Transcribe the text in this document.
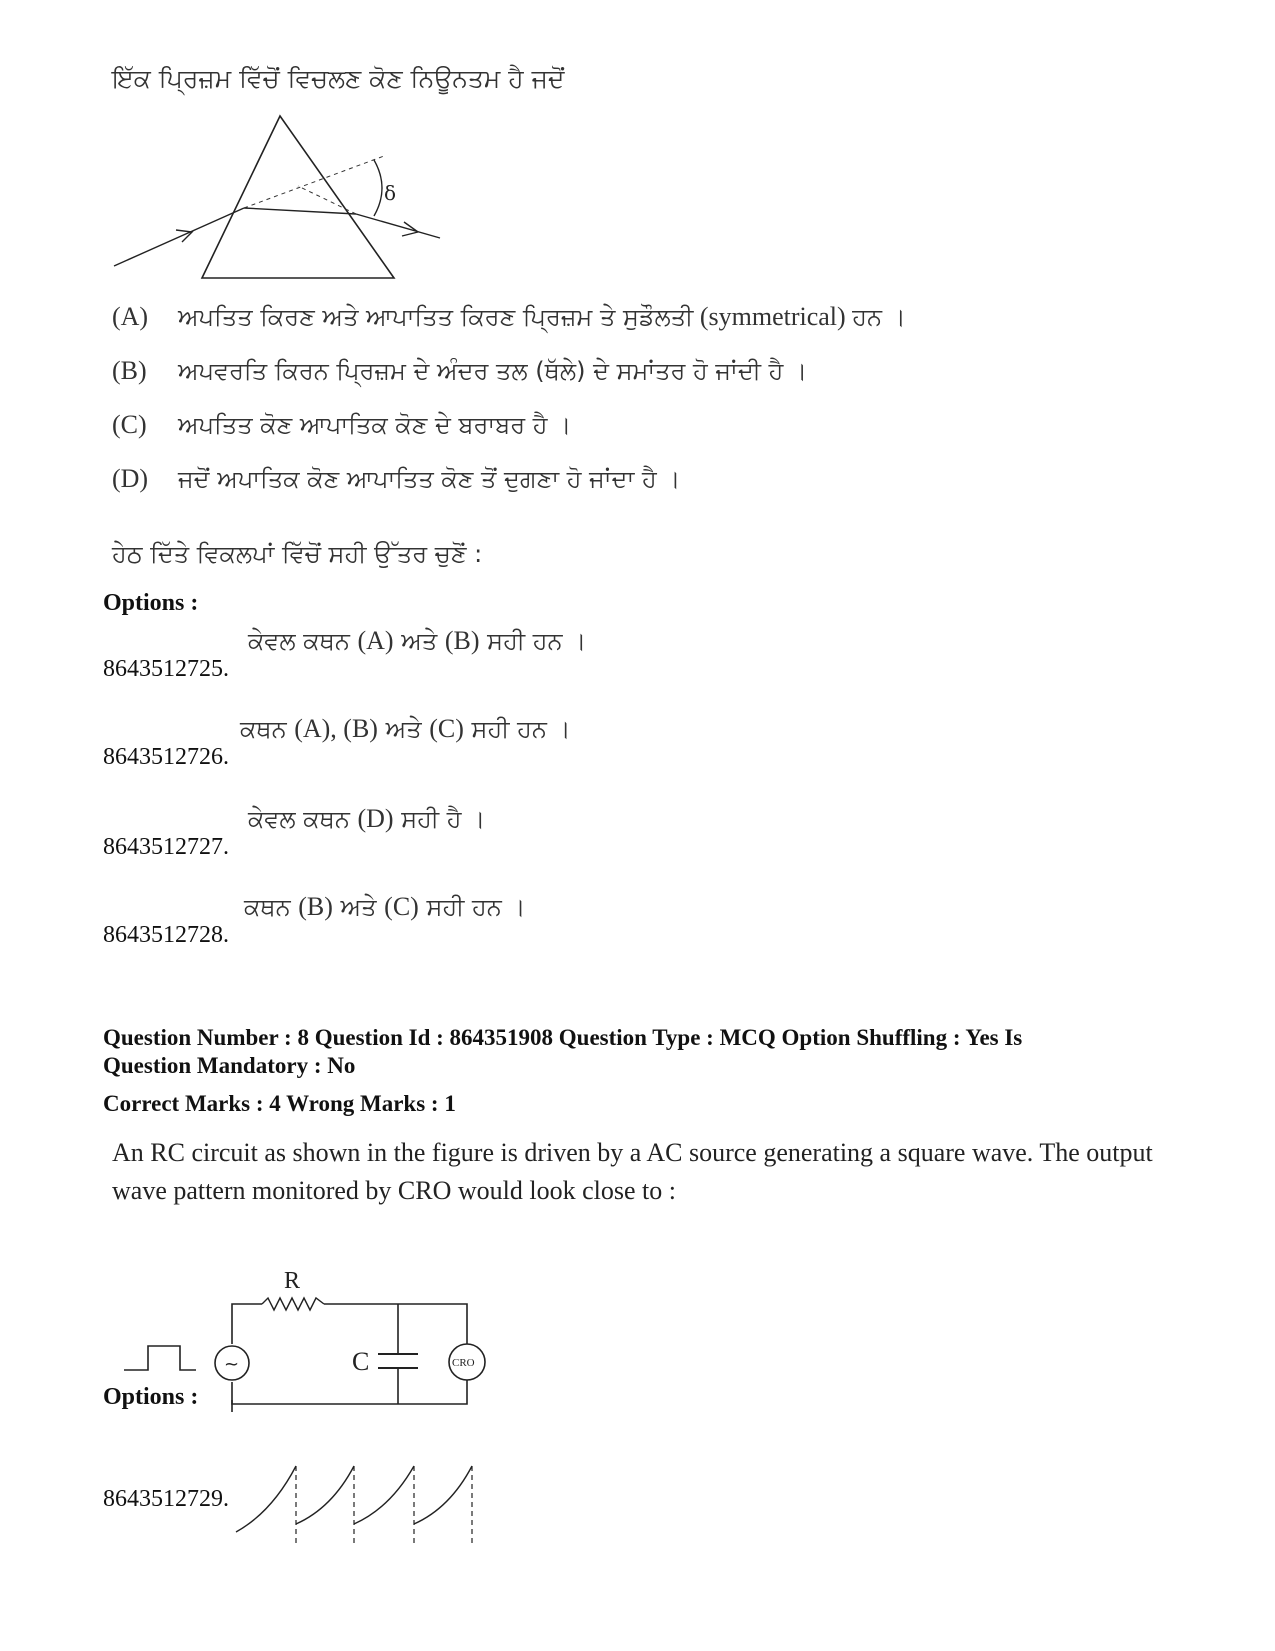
ਇੱਕ ਪ੍ਰਿਜ਼ਮ ਵਿੱਚੋਂ ਵਿਚਲਣ ਕੋਣ ਨਿਊਨਤਮ ਹੈ ਜਦੋਂ
δ
(A)	ਅਪਤਿਤ ਕਿਰਣ ਅਤੇ ਆਪਾਤਿਤ ਕਿਰਣ ਪ੍ਰਿਜ਼ਮ ਤੇ ਸੁਡੌਲਤੀ (symmetrical) ਹਨ ।
(B)	ਅਪਵਰਤਿ ਕਿਰਨ ਪ੍ਰਿਜ਼ਮ ਦੇ ਅੰਦਰ ਤਲ (ਥੱਲੇ) ਦੇ ਸਮਾਂਤਰ ਹੋ ਜਾਂਦੀ ਹੈ ।
(C)	ਅਪਤਿਤ ਕੋਣ ਆਪਾਤਿਕ ਕੋਣ ਦੇ ਬਰਾਬਰ ਹੈ ।
(D)	ਜਦੋਂ ਅਪਾਤਿਕ ਕੋਣ ਆਪਾਤਿਤ ਕੋਣ ਤੋਂ ਦੁਗਣਾ ਹੋ ਜਾਂਦਾ ਹੈ ।
ਹੇਠ ਦਿੱਤੇ ਵਿਕਲਪਾਂ ਵਿੱਚੋਂ ਸਹੀ ਉੱਤਰ ਚੁਣੋਂ :
Options :
8643512725.
ਕੇਵਲ ਕਥਨ (A) ਅਤੇ (B) ਸਹੀ ਹਨ ।
8643512726.
ਕਥਨ (A), (B) ਅਤੇ (C) ਸਹੀ ਹਨ ।
8643512727.
ਕੇਵਲ ਕਥਨ (D) ਸਹੀ ਹੈ ।
8643512728.
ਕਥਨ (B) ਅਤੇ (C) ਸਹੀ ਹਨ ।
Question Number : 8 Question Id : 864351908 Question Type : MCQ Option Shuffling : Yes Is
Question Mandatory : No
Correct Marks : 4 Wrong Marks : 1
An RC circuit as shown in the figure is driven by a AC source generating a square wave. The output wave pattern monitored by CRO would look close to :
R
C
~	CRO
Options :
8643512729.
